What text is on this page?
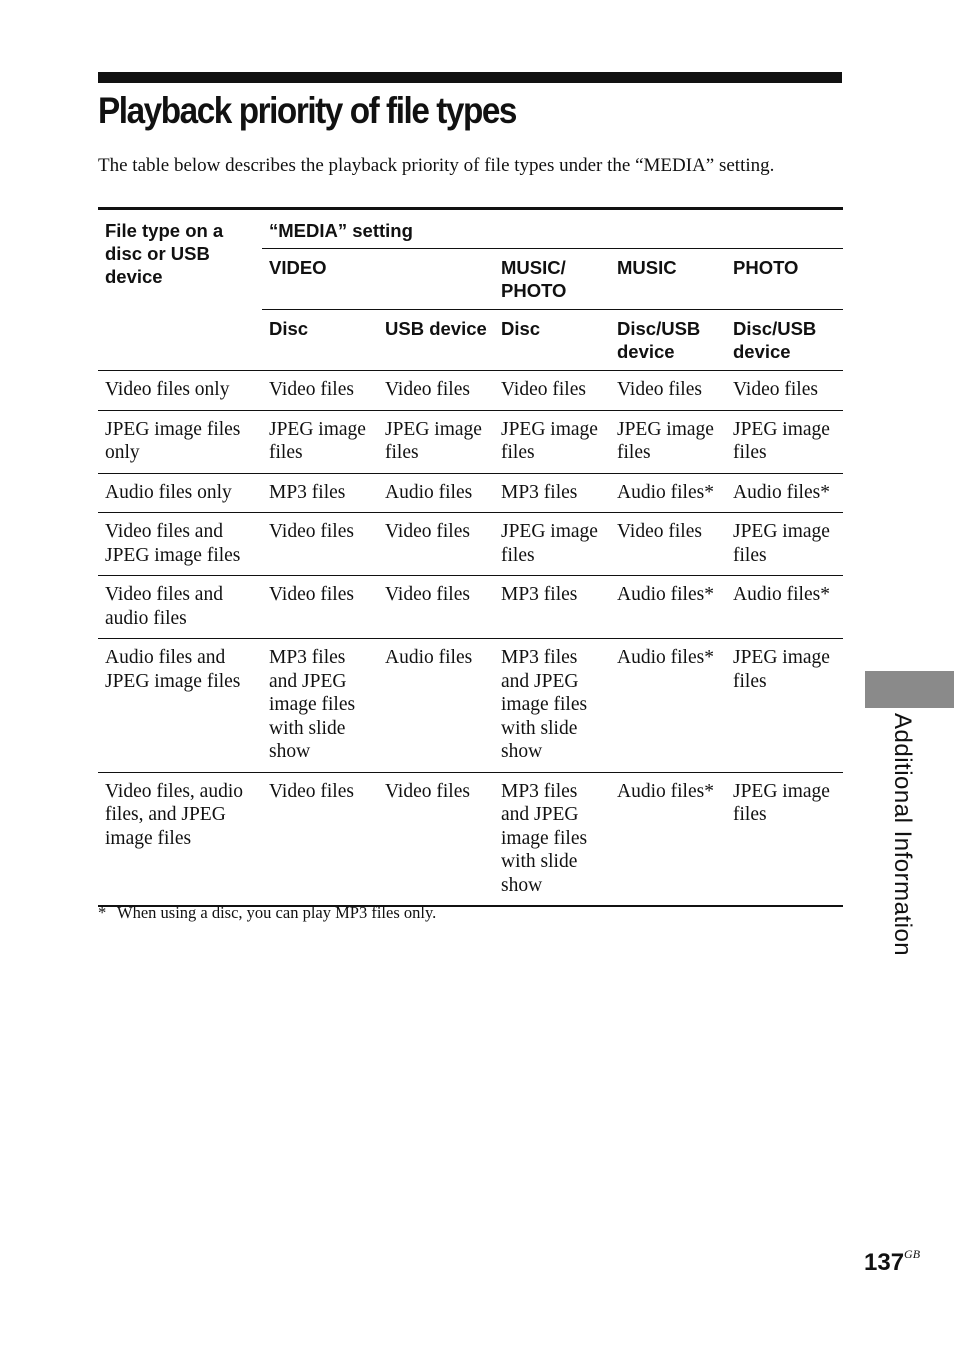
Playback priority of file types

The table below describes the playback priority of file types under the “MEDIA” setting.

File type on a disc or USB device	“MEDIA” setting				
	VIDEO		MUSIC/ PHOTO	MUSIC	PHOTO
	Disc	USB device	Disc	Disc/USB device	Disc/USB device
Video files only	Video files	Video files	Video files	Video files	Video files
JPEG image files only	JPEG image files	JPEG image files	JPEG image files	JPEG image files	JPEG image files
Audio files only	MP3 files	Audio files	MP3 files	Audio files*	Audio files*
Video files and JPEG image files	Video files	Video files	JPEG image files	Video files	JPEG image files
Video files and audio files	Video files	Video files	MP3 files	Audio files*	Audio files*
Audio files and JPEG image files	MP3 files and JPEG image files with slide show	Audio files	MP3 files and JPEG image files with slide show	Audio files*	JPEG image files
Video files, audio files, and JPEG image files	Video files	Video files	MP3 files and JPEG image files with slide show	Audio files*	JPEG image files

* When using a disc, you can play MP3 files only.	Additional Information
$137^{GB}$
